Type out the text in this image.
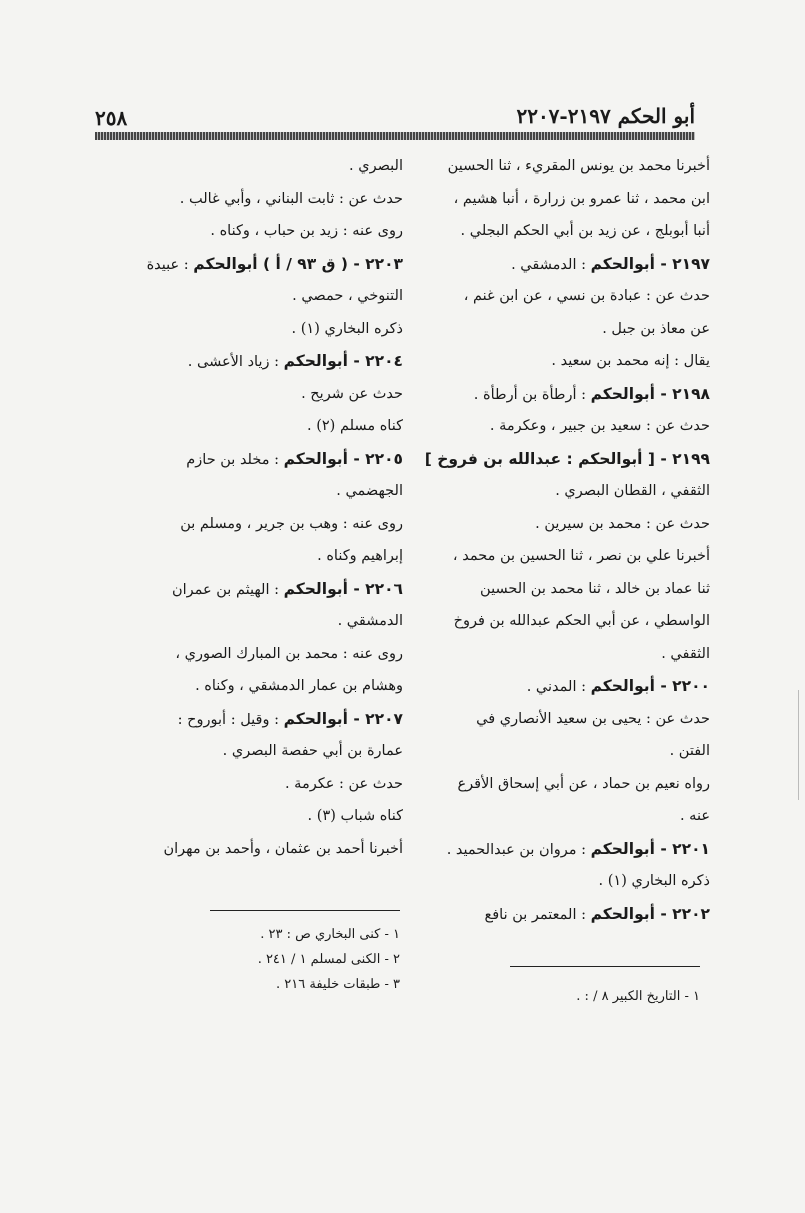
أبو الحكم ٢١٩٧-٢٢٠٧
٢٥٨
أخبرنا محمد بن يونس المقريء ، ثنا الحسين
ابن محمد ، ثنا عمرو بن زرارة ، أنبا هشيم ،
أنبا أبوبلج ، عن زيد بن أبي الحكم البجلي .
٢١٩٧ - أبوالحكم : الدمشقي .
حدث عن : عبادة بن نسي ، عن ابن غنم ،
عن معاذ بن جبل .
يقال : إنه محمد بن سعيد .
٢١٩٨ - أبوالحكم : أرطأة بن أرطأة .
حدث عن : سعيد بن جبير ، وعكرمة .
٢١٩٩ - [ أبوالحكم : عبدالله بن فروخ ]
الثقفي ، القطان البصري .
حدث عن : محمد بن سيرين .
أخبرنا علي بن نصر ، ثنا الحسين بن محمد ،
ثنا عماد بن خالد ، ثنا محمد بن الحسين
الواسطي ، عن أبي الحكم عبدالله بن فروخ
الثقفي .
٢٢٠٠ - أبوالحكم : المدني .
حدث عن : يحيى بن سعيد الأنصاري في
الفتن .
رواه نعيم بن حماد ، عن أبي إسحاق الأقرع
عنه .
٢٢٠١ - أبوالحكم : مروان بن عبدالحميد .
ذكره البخاري (١) .
٢٢٠٢ - أبوالحكم : المعتمر بن نافع
البصري .
حدث عن : ثابت البناني ، وأبي غالب .
روى عنه : زيد بن حباب ، وكناه .
٢٢٠٣ - ( ق ٩٣ / أ ) أبوالحكم : عبيدة
التنوخي ، حمصي .
ذكره البخاري (١) .
٢٢٠٤ - أبوالحكم : زياد الأعشى .
حدث عن شريح .
كناه مسلم (٢) .
٢٢٠٥ - أبوالحكم : مخلد بن حازم
الجهضمي .
روى عنه : وهب بن جرير ، ومسلم بن
إبراهيم وكناه .
٢٢٠٦ - أبوالحكم : الهيثم بن عمران
الدمشقي .
روى عنه : محمد بن المبارك الصوري ،
وهشام بن عمار الدمشقي ، وكناه .
٢٢٠٧ - أبوالحكم : وقيل : أبوروح :
عمارة بن أبي حفصة البصري .
حدث عن : عكرمة .
كناه شباب (٣) .
أخبرنا أحمد بن عثمان ، وأحمد بن مهران
١ - كنى البخاري ص : ٢٣ .
٢ - الكنى لمسلم ١ / ٢٤١ .
٣ - طبقات خليفة ٢١٦ .
١ - التاريخ الكبير ٨ / : .
